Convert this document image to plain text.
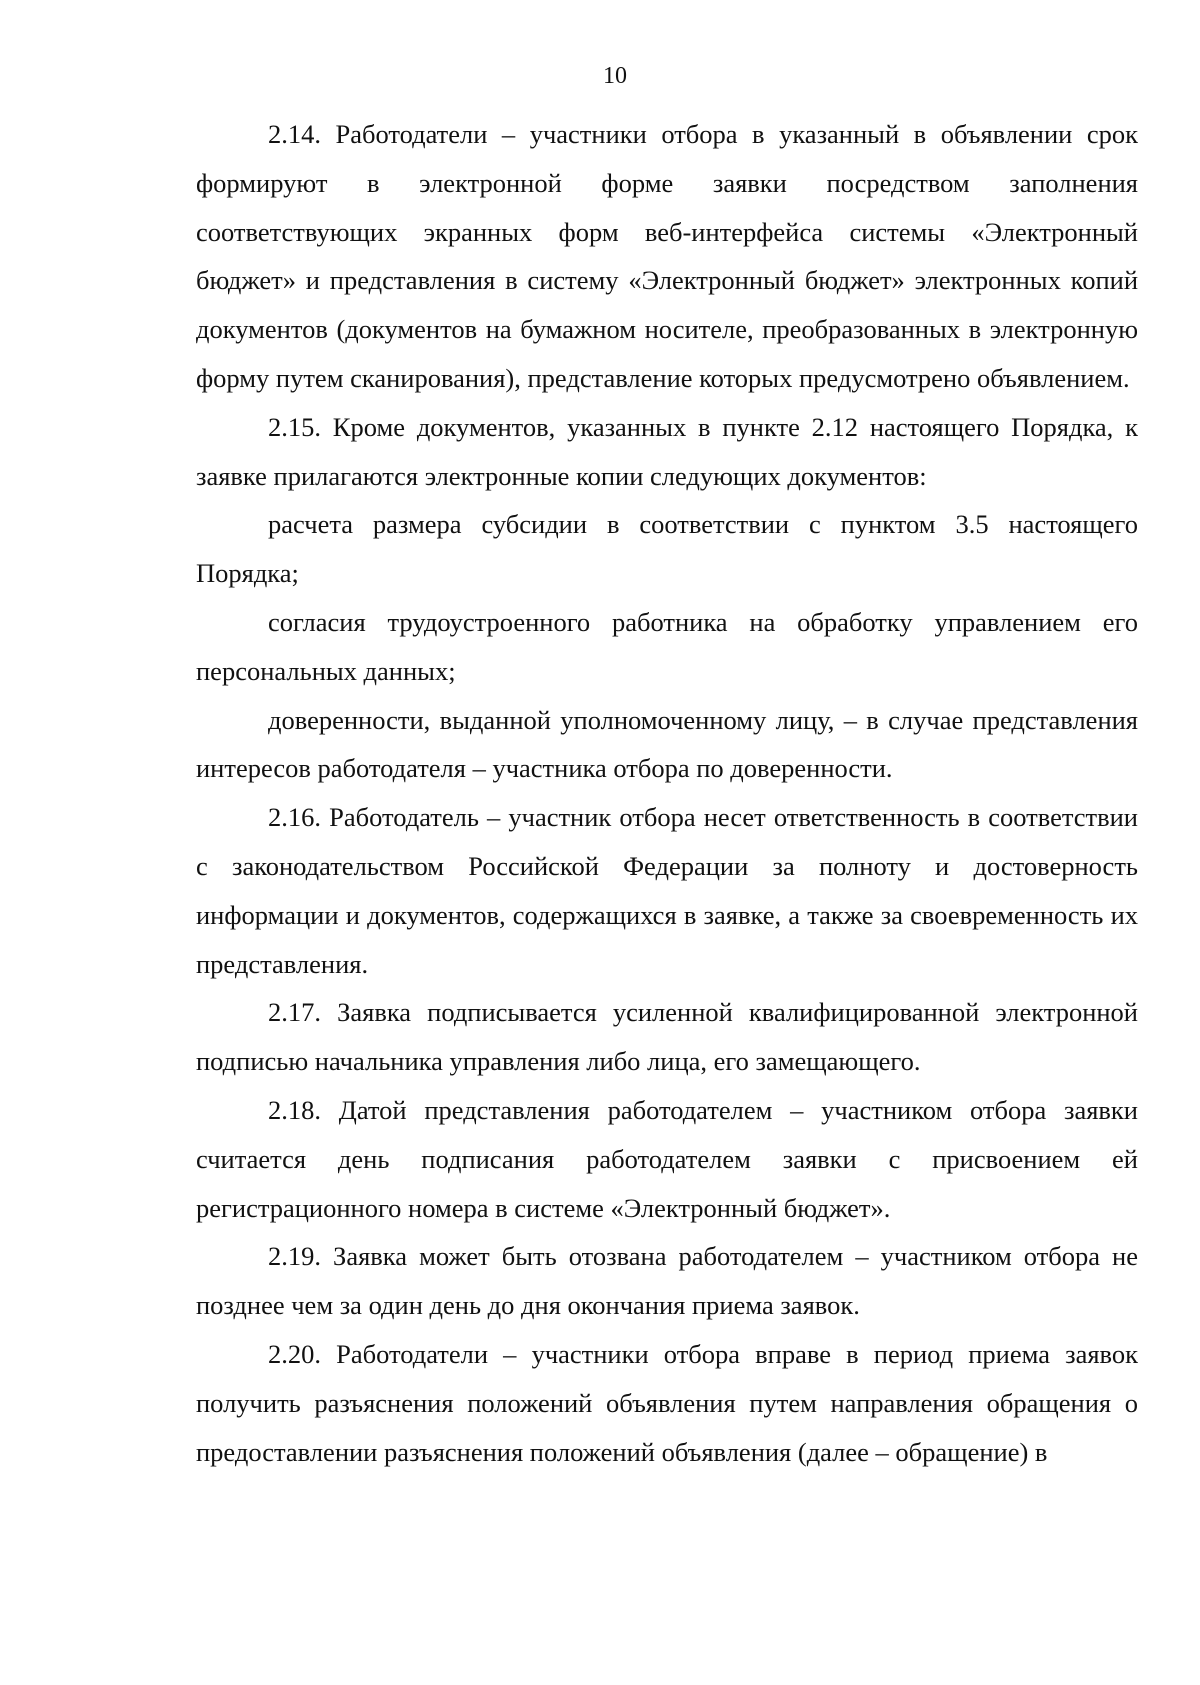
10

2.14. Работодатели – участники отбора в указанный в объявлении срок формируют в электронной форме заявки посредством заполнения соответствующих экранных форм веб-интерфейса системы «Электронный бюджет» и представления в систему «Электронный бюджет» электронных копий документов (документов на бумажном носителе, преобразованных в электронную форму путем сканирования), представление которых предусмотрено объявлением.

2.15. Кроме документов, указанных в пункте 2.12 настоящего Порядка, к заявке прилагаются электронные копии следующих документов:

расчета размера субсидии в соответствии с пунктом 3.5 настоящего Порядка;

согласия трудоустроенного работника на обработку управлением его персональных данных;

доверенности, выданной уполномоченному лицу, – в случае представления интересов работодателя – участника отбора по доверенности.

2.16. Работодатель – участник отбора несет ответственность в соответствии с законодательством Российской Федерации за полноту и достоверность информации и документов, содержащихся в заявке, а также за своевременность их представления.

2.17. Заявка подписывается усиленной квалифицированной электронной подписью начальника управления либо лица, его замещающего.

2.18. Датой представления работодателем – участником отбора заявки считается день подписания работодателем заявки с присвоением ей регистрационного номера в системе «Электронный бюджет».

2.19. Заявка может быть отозвана работодателем – участником отбора не позднее чем за один день до дня окончания приема заявок.

2.20. Работодатели – участники отбора вправе в период приема заявок получить разъяснения положений объявления путем направления обращения о предоставлении разъяснения положений объявления (далее – обращение) в
